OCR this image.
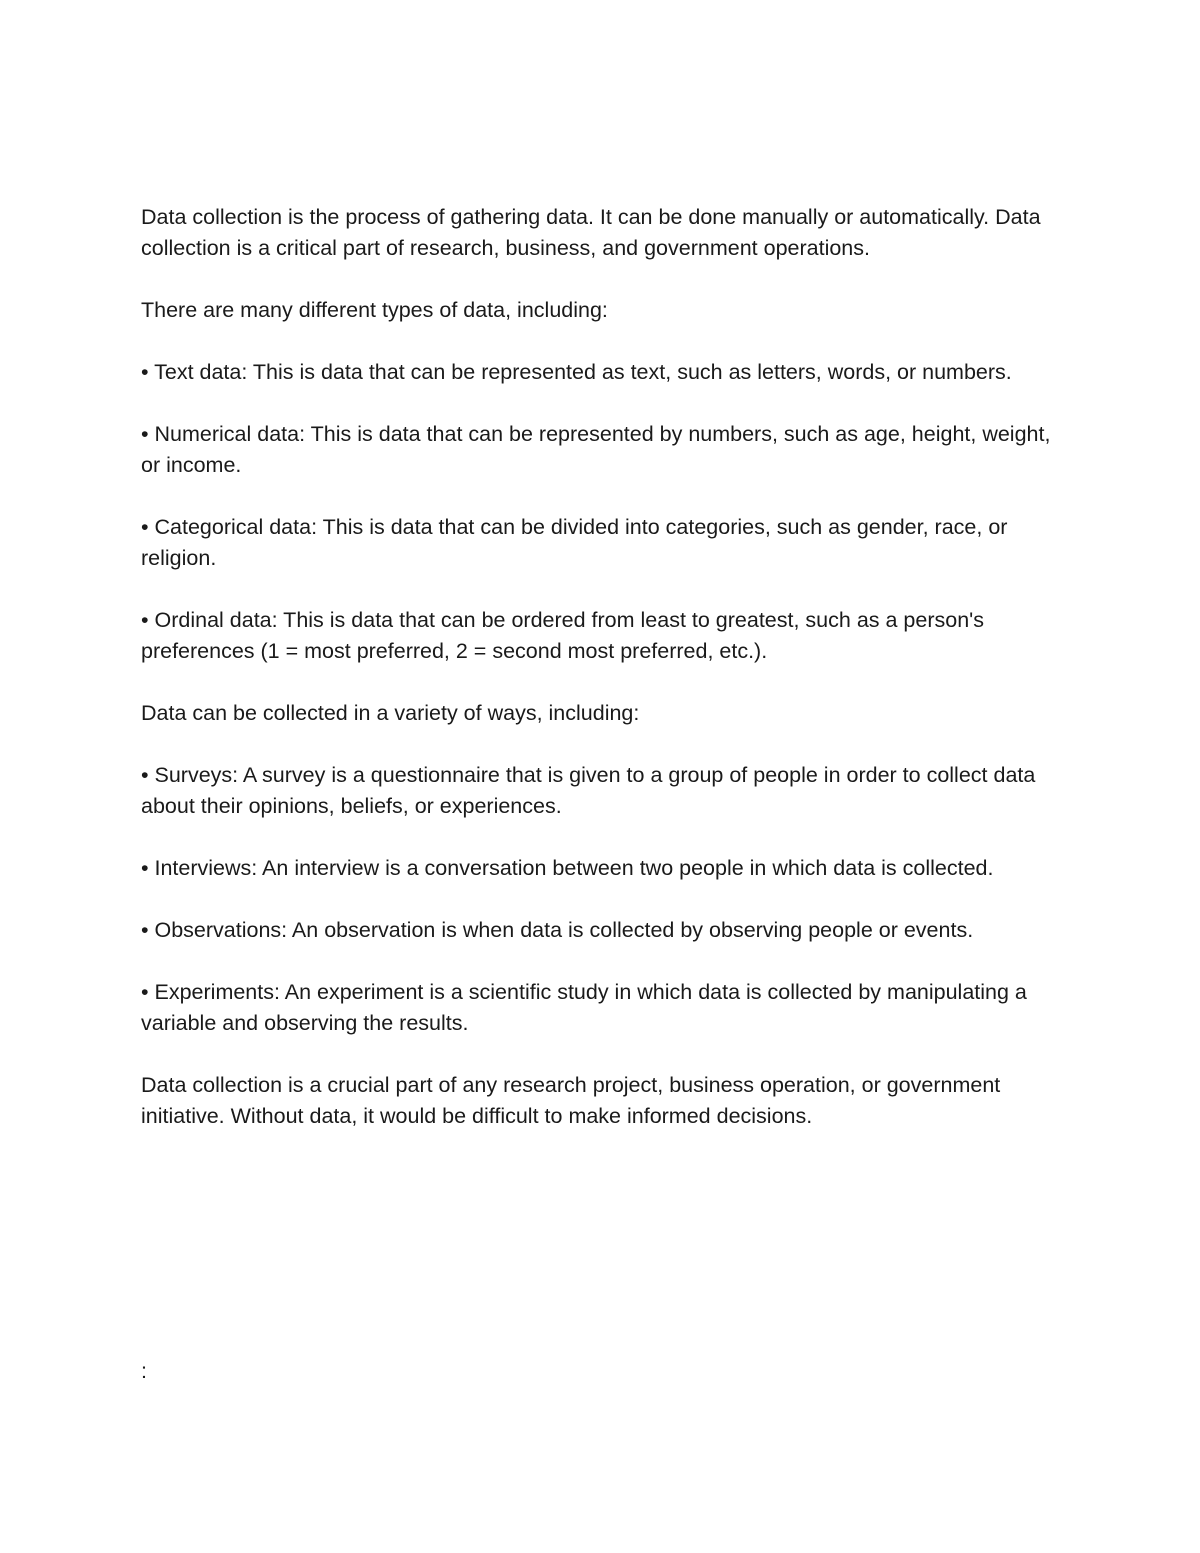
Data collection is the process of gathering data. It can be done manually or automatically. Data collection is a critical part of research, business, and government operations.

There are many different types of data, including:

• Text data: This is data that can be represented as text, such as letters, words, or numbers.

• Numerical data: This is data that can be represented by numbers, such as age, height, weight, or income.

• Categorical data: This is data that can be divided into categories, such as gender, race, or religion.

• Ordinal data: This is data that can be ordered from least to greatest, such as a person's preferences (1 = most preferred, 2 = second most preferred, etc.).

Data can be collected in a variety of ways, including:

• Surveys: A survey is a questionnaire that is given to a group of people in order to collect data about their opinions, beliefs, or experiences.

• Interviews: An interview is a conversation between two people in which data is collected.

• Observations: An observation is when data is collected by observing people or events.

• Experiments: An experiment is a scientific study in which data is collected by manipulating a variable and observing the results.

Data collection is a crucial part of any research project, business operation, or government initiative. Without data, it would be difficult to make informed decisions.

:
